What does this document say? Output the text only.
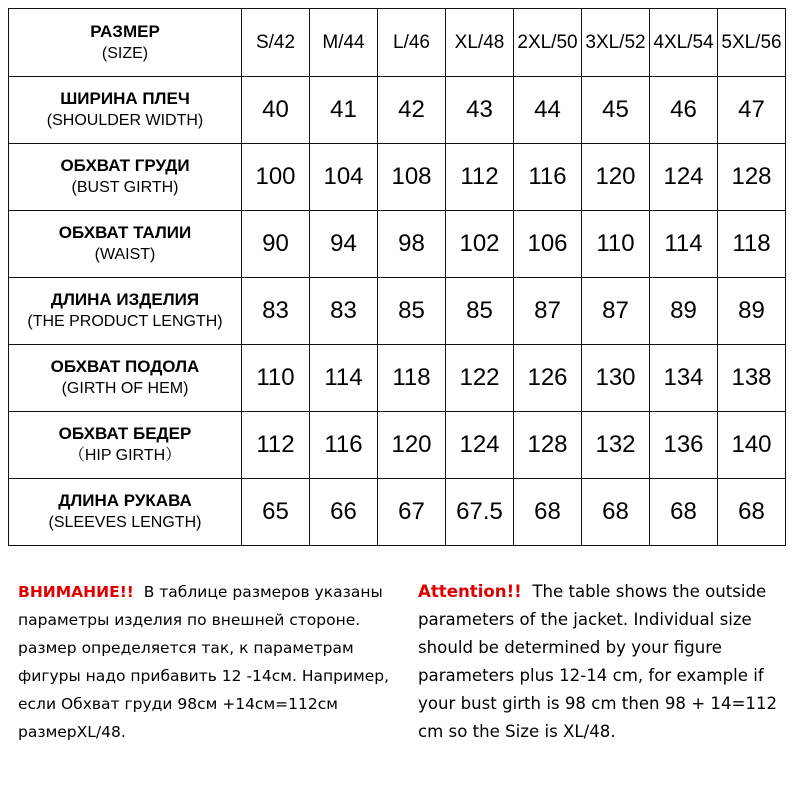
РАЗМЕР
(SIZE)	S/42	M/44	L/46	XL/48	2XL/50	3XL/52	4XL/54	5XL/56

ШИРИНА ПЛЕЧ
(SHOULDER WIDTH)	40	41	42	43	44	45	46	47

ОБХВАТ ГРУДИ
(BUST GIRTH)	100	104	108	112	116	120	124	128

ОБХВАТ ТАЛИИ
(WAIST)	90	94	98	102	106	110	114	118

ДЛИНА ИЗДЕЛИЯ
(THE PRODUCT LENGTH)	83	83	85	85	87	87	89	89

ОБХВАТ ПОДОЛА
(GIRTH OF HEM)	110	114	118	122	126	130	134	138

ОБХВАТ БЕДЕР
（HIP GIRTH）	112	116	120	124	128	132	136	140

ДЛИНА РУКАВА
(SLEEVES LENGTH)	65	66	67	67.5	68	68	68	68
ВНИМАНИЕ!! В таблице размеров указаны параметры изделия по внешней стороне. размер определяется так, к параметрам фигуры надо прибавить 12 -14см. Например, если Обхват груди 98см +14см=112см размерXL/48.
Attention!! The table shows the outside parameters of the jacket. Individual size should be determined by your figure parameters plus 12-14 cm, for example if your bust girth is 98 cm then 98 + 14=112 cm so the Size is XL/48.
